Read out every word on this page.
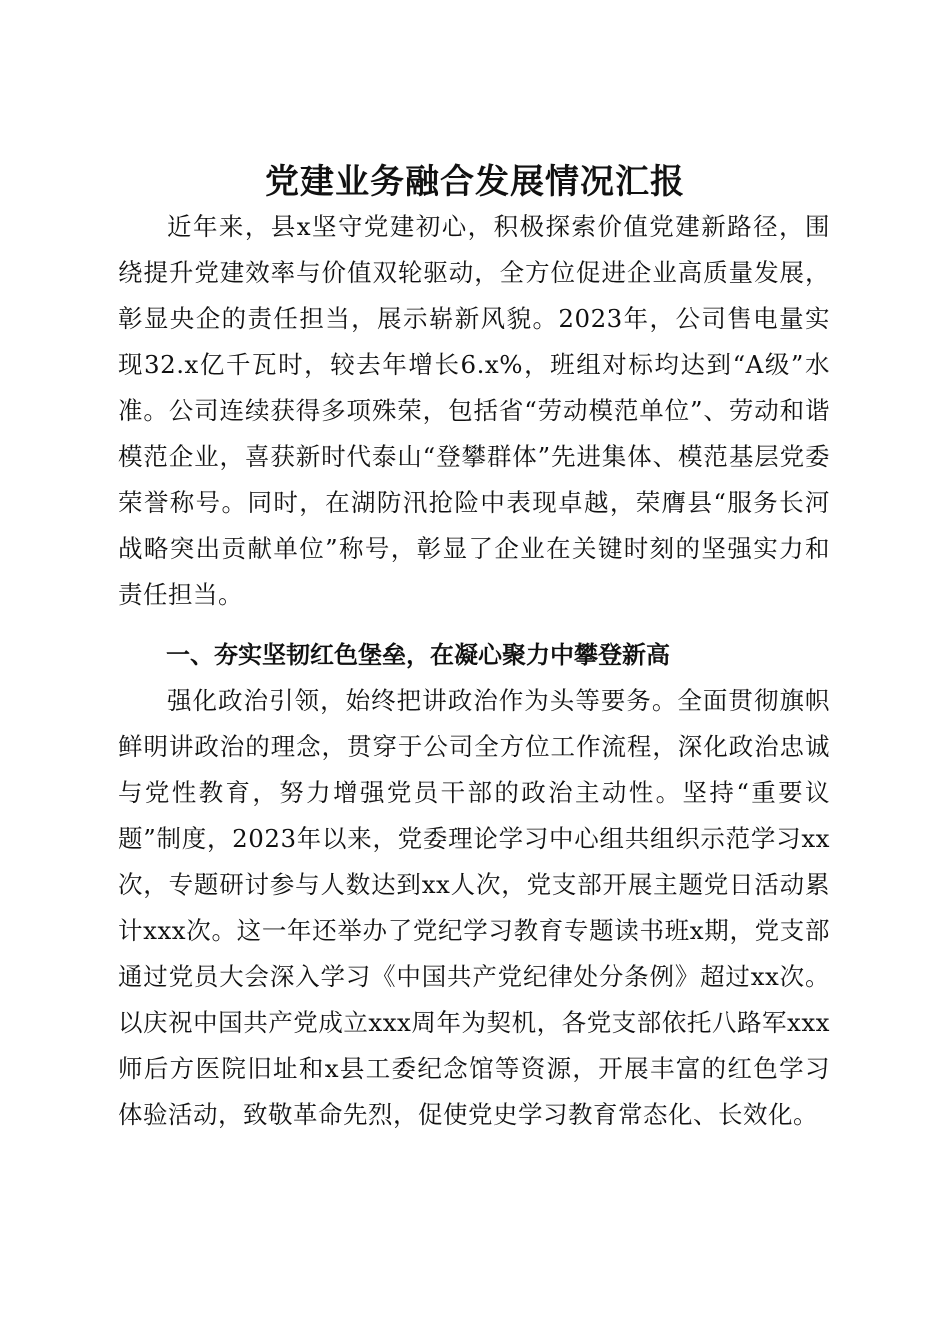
党建业务融合发展情况汇报

近年来，县x坚守党建初心，积极探索价值党建新路径，围绕提升党建效率与价值双轮驱动，全方位促进企业高质量发展，彰显央企的责任担当，展示崭新风貌。2023年，公司售电量实现32.x亿千瓦时，较去年增长6.x%，班组对标均达到“A级”水准。公司连续获得多项殊荣，包括省“劳动模范单位”、劳动和谐模范企业，喜获新时代泰山“登攀群体”先进集体、模范基层党委荣誉称号。同时，在湖防汛抢险中表现卓越，荣膺县“服务长河战略突出贡献单位”称号，彰显了企业在关键时刻的坚强实力和责任担当。

一、夯实坚韧红色堡垒，在凝心聚力中攀登新高

强化政治引领，始终把讲政治作为头等要务。全面贯彻旗帜鲜明讲政治的理念，贯穿于公司全方位工作流程，深化政治忠诚与党性教育，努力增强党员干部的政治主动性。坚持“重要议题”制度，2023年以来，党委理论学习中心组共组织示范学习xx次，专题研讨参与人数达到xx人次，党支部开展主题党日活动累计xxx次。这一年还举办了党纪学习教育专题读书班x期，党支部通过党员大会深入学习《中国共产党纪律处分条例》超过xx次。以庆祝中国共产党成立xxx周年为契机，各党支部依托八路军xxx师后方医院旧址和x县工委纪念馆等资源，开展丰富的红色学习体验活动，致敬革命先烈，促使党史学习教育常态化、长效化。
